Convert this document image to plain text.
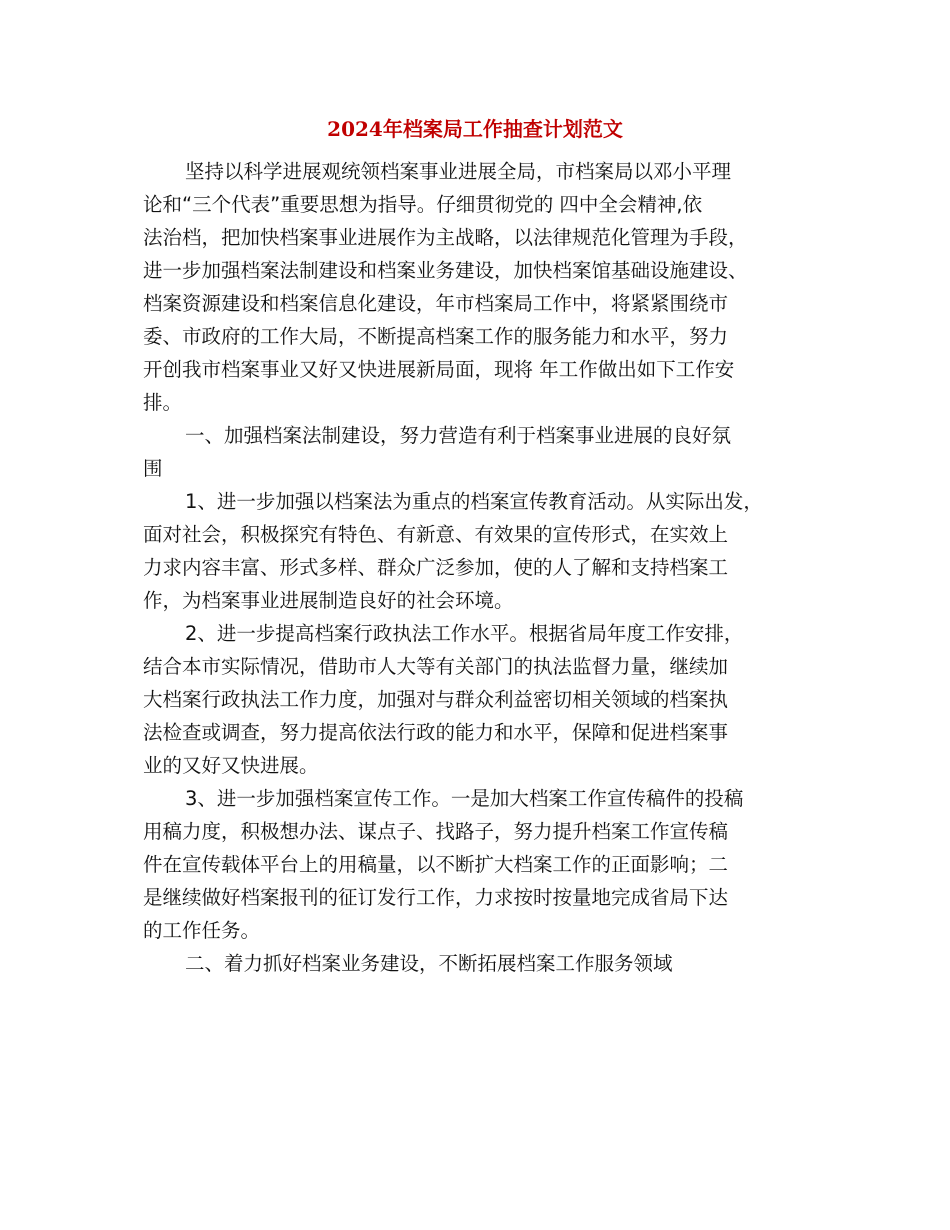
2024年档案局工作抽查计划范文
坚持以科学进展观统领档案事业进展全局，市档案局以邓小平理
论和“三个代表”重要思想为指导。仔细贯彻党的 四中全会精神,依
法治档，把加快档案事业进展作为主战略，以法律规范化管理为手段，
进一步加强档案法制建设和档案业务建设，加快档案馆基础设施建设、
档案资源建设和档案信息化建设，年市档案局工作中，将紧紧围绕市
委、市政府的工作大局，不断提高档案工作的服务能力和水平，努力
开创我市档案事业又好又快进展新局面，现将 年工作做出如下工作安
排。
一、加强档案法制建设，努力营造有利于档案事业进展的良好氛
围
1、进一步加强以档案法为重点的档案宣传教育活动。从实际出发，
面对社会，积极探究有特色、有新意、有效果的宣传形式，在实效上
力求内容丰富、形式多样、群众广泛参加，使的人了解和支持档案工
作，为档案事业进展制造良好的社会环境。
2、进一步提高档案行政执法工作水平。根据省局年度工作安排，
结合本市实际情况，借助市人大等有关部门的执法监督力量，继续加
大档案行政执法工作力度，加强对与群众利益密切相关领域的档案执
法检查或调查，努力提高依法行政的能力和水平，保障和促进档案事
业的又好又快进展。
3、进一步加强档案宣传工作。一是加大档案工作宣传稿件的投稿
用稿力度，积极想办法、谋点子、找路子，努力提升档案工作宣传稿
件在宣传载体平台上的用稿量，以不断扩大档案工作的正面影响；二
是继续做好档案报刊的征订发行工作，力求按时按量地完成省局下达
的工作任务。
二、着力抓好档案业务建设，不断拓展档案工作服务领域
